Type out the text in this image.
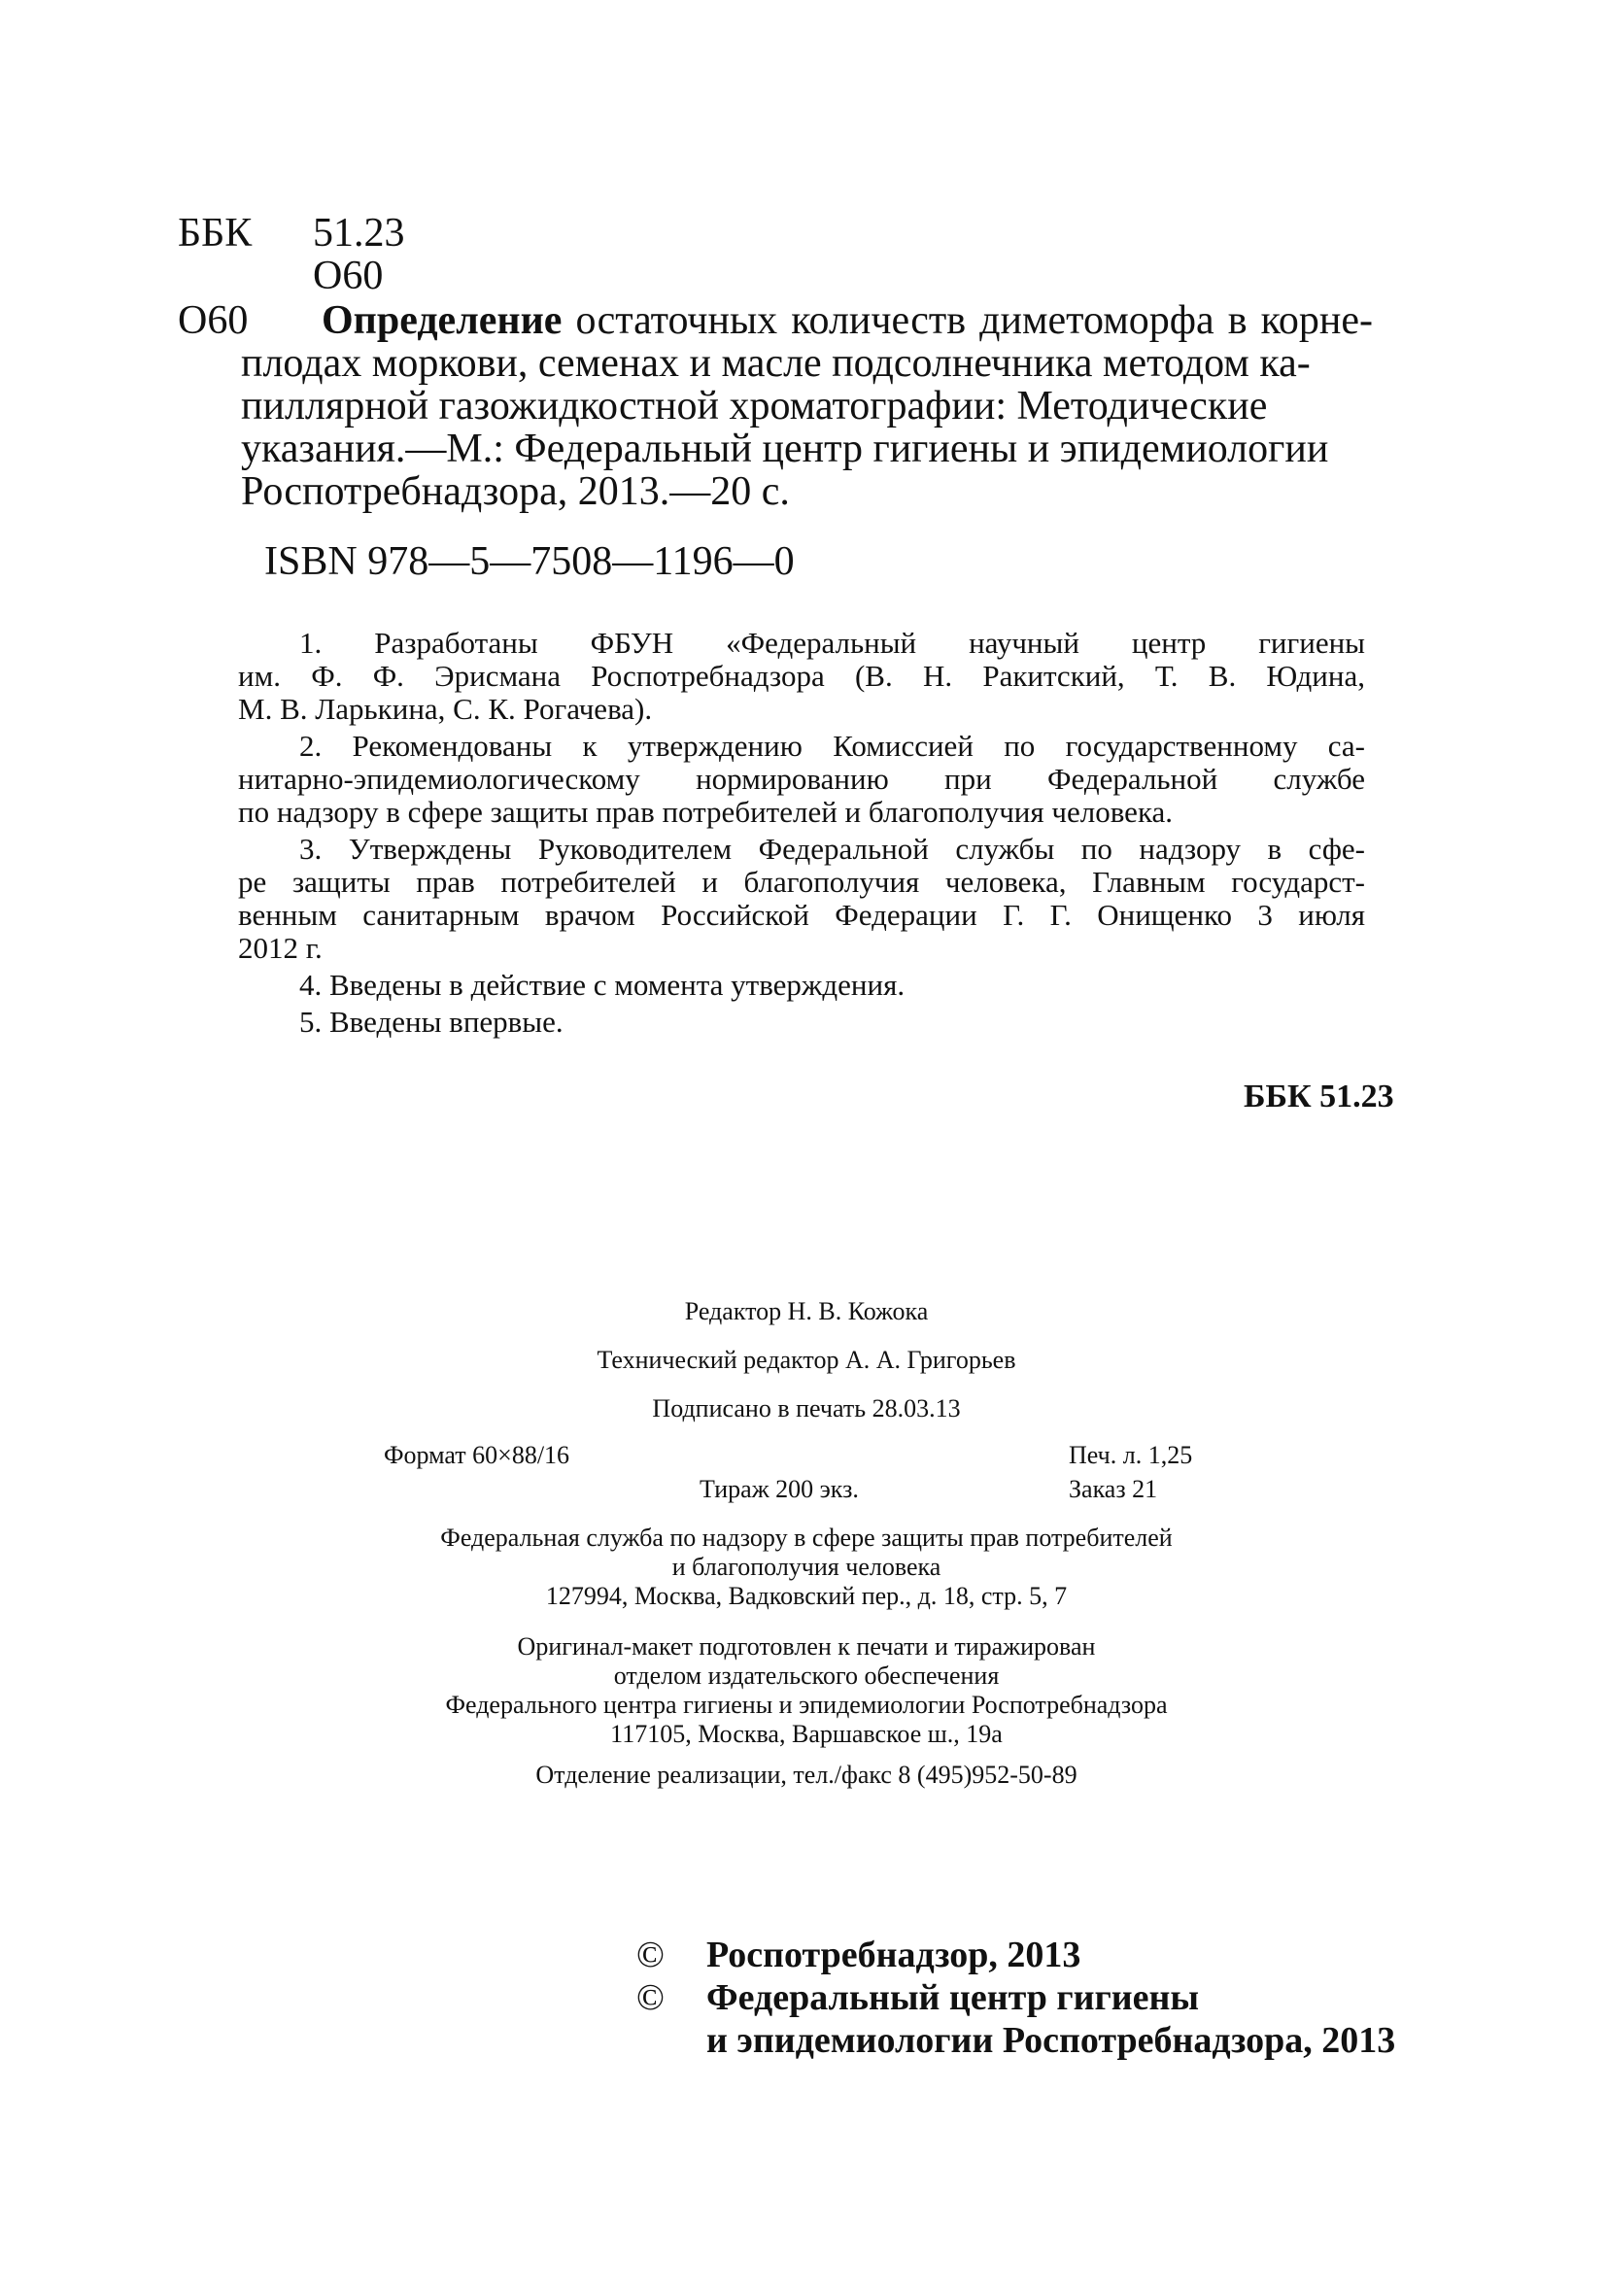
ББК 51.23
О60
О60 Определение остаточных количеств диметоморфа в корне-
плодах моркови, семенах и масле подсолнечника методом ка- пиллярной газожидкостной хроматографии: Методические указания.—М.: Федеральный центр гигиены и эпидемиологии Роспотребнадзора, 2013.—20 с.
ISBN 978—5—7508—1196—0
1. Разработаны ФБУН «Федеральный научный центр гигиены
им. Ф. Ф. Эрисмана Роспотребнадзора (В. Н. Ракитский, Т. В. Юдина,
М. В. Ларькина, С. К. Рогачева).
2. Рекомендованы к утверждению Комиссией по государственному са-
нитарно-эпидемиологическому нормированию при Федеральной службе
по надзору в сфере защиты прав потребителей и благополучия человека.
3. Утверждены Руководителем Федеральной службы по надзору в сфе-
ре защиты прав потребителей и благополучия человека, Главным государст-
венным санитарным врачом Российской Федерации Г. Г. Онищенко 3 июля
2012 г.
4. Введены в действие с момента утверждения.
5. Введены впервые.
ББК 51.23
Редактор Н. В. Кожока
Технический редактор А. А. Григорьев
Подписано в печать 28.03.13
Формат 60×88/16	Печ. л. 1,25
Тираж 200 экз.	Заказ 21
Федеральная служба по надзору в сфере защиты прав потребителей
и благополучия человека
127994, Москва, Вадковский пер., д. 18, стр. 5, 7
Оригинал-макет подготовлен к печати и тиражирован
отделом издательского обеспечения
Федерального центра гигиены и эпидемиологии Роспотребнадзора
117105, Москва, Варшавское ш., 19а
Отделение реализации, тел./факс 8 (495)952-50-89
© Роспотребнадзор, 2013
© Федеральный центр гигиены
и эпидемиологии Роспотребнадзора, 2013
